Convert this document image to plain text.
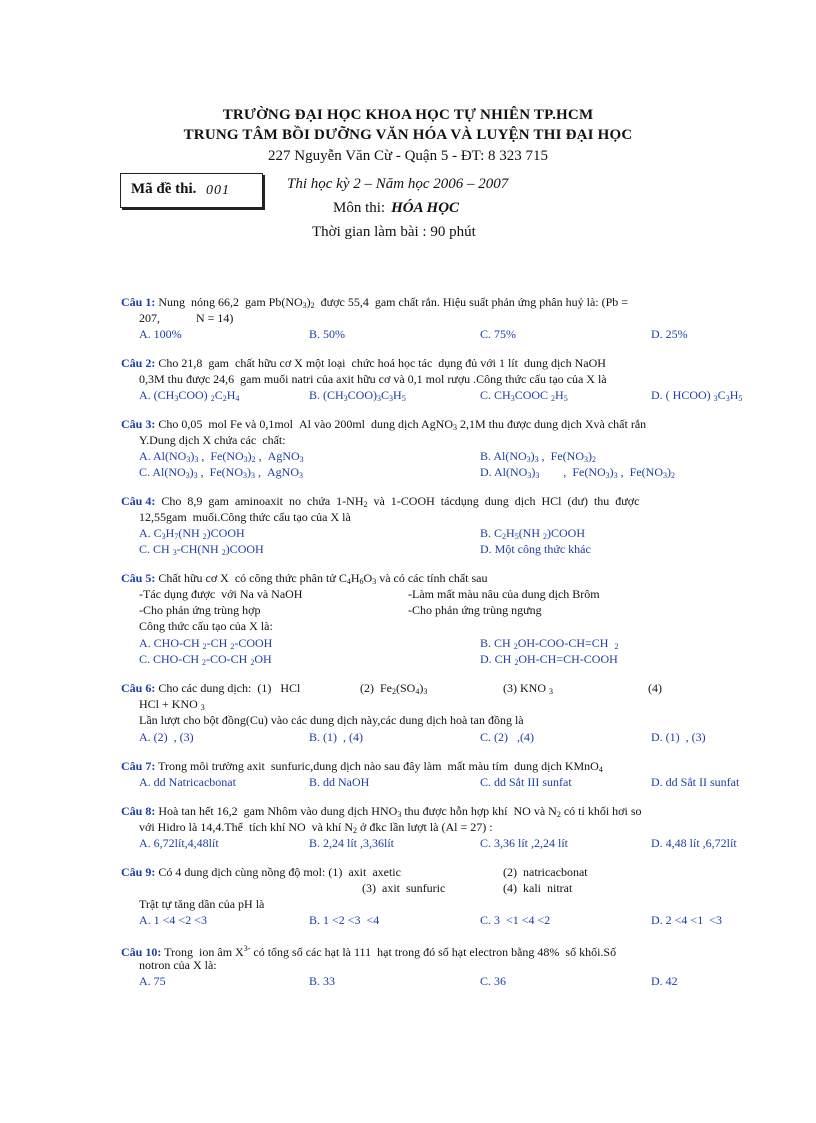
TRƯỜNG ĐẠI HỌC KHOA HỌC TỰ NHIÊN TP.HCM
TRUNG TÂM BỒI DƯỠNG VĂN HÓA VÀ LUYỆN THI ĐẠI HỌC
227 Nguyễn Văn Cừ - Quận 5 - ĐT: 8 323 715
Mã đề thi. 001	Thi học kỳ 2 – Năm học 2006 – 2007
Môn thi: HÓA HỌC
Thời gian làm bài : 90 phút
Câu 1: Nung  nóng 66,2  gam $Pb(NO_3)_2$  được 55,4  gam chất rắn. Hiệu suất phản ứng phân huỷ là: (Pb =
207,            N = 14)
A. 100%	B. 50%	C. 75%	D. 25%
Câu 2: Cho 21,8  gam  chất hữu cơ X một loại  chức hoá học tác  dụng đủ với 1 lít  dung dịch NaOH
0,3M thu được 24,6  gam muối natri của axit hữu cơ và 0,1 mol rượu .Công thức cấu tạo của X là
A. $(CH_3COO)$ $_2C_2H_4$	B. $(CH_3COO)_3C_3H_5$	C. $CH_3COOC$ $_2H_5$	D. ( HCOO) $_3C_3H_5$
Câu 3: Cho 0,05  mol Fe và 0,1mol  Al vào 200ml  dung dịch AgNO$_3$ 2,1M thu được dung dịch Xvà chất rắn
Y.Dung dịch X chứa các  chất:
A. $Al(NO_3)_3$ ,  $Fe(NO_3)_2$ ,  AgNO$_3$	B. $Al(NO_3)_3$ ,  $Fe(NO_3)_2$
C. $Al(NO_3)_3$ ,  $Fe(NO_3)_3$ ,  AgNO$_3$	D. $Al(NO_3)_3$        ,  $Fe(NO_3)_3$ ,  $Fe(NO_3)_2$
Câu 4:  Cho  8,9  gam  aminoaxit  no  chứa  $1-NH_2$  và  1-COOH  tácdụng  dung  dịch  HCl  (dư)  thu  được
12,55gam  muối.Công thức cấu tạo của X là
A. $C_3H_7(NH$ $_2$)COOH	B. $C_2H_5(NH$ $_2$)COOH
C. CH $_3$-CH(NH $_2$)COOH	D. Một công thức khác
Câu 5: Chất hữu cơ X  có công thức phân tử $C_4H_6O_3$ và có các tính chất sau
-Tác dụng được  với Na và NaOH	-Làm mất màu nâu của dung dịch Brôm
-Cho phản ứng trùng hợp	-Cho phản ứng trùng ngưng
Công thức cấu tạo của X là:
A. CHO-CH $_2$-CH $_2$-COOH	B. CH $_2$OH-COO-CH=CH  $_2$
C. CHO-CH $_2$-CO-CH $_2$OH	D. CH $_2$OH-CH=CH-COOH
Câu 6: Cho các dung dịch:  (1)   HCl	(2)  $Fe_2(SO_4)_3$	(3) KNO $_3$	(4)
HCl + KNO $_3$
Lần lượt cho bột đồng(Cu) vào các dung dịch này,các dung dịch hoà tan đồng là
A. (2)  , (3)	B. (1)  , (4)	C. (2)   ,(4)	D. (1)  , (3)
Câu 7: Trong môi trường axit  sunfuric,dung dịch nào sau đây làm  mất màu tím  dung dịch KMnO$_4$
A. dd Natricacbonat	B. dd NaOH	C. dd Sắt III sunfat	D. dd Sắt II sunfat
Câu 8: Hoà tan hết 16,2  gam Nhôm vào dung dịch $HNO_3$ thu được hỗn hợp khí  NO và $N_2$ có tỉ khối hơi so
với Hidro là 14,4.Thể  tích khí NO  và khí $N_2$ ở đkc lần lượt là (Al = 27) :
A. 6,72lít,4,48lít	B. 2,24 lít ,3,36lít	C. 3,36 lít ,2,24 lít	D. 4,48 lít ,6,72lít
Câu 9: Có 4 dung dịch cùng nồng độ mol: (1)  axit  axetic	(2)  natricacbonat
(3)  axit  sunfuric	(4)  kali  nitrat
Trật tự tăng dần của pH là
A. 1 <4 <2 <3	B. 1 <2 <3  <4	C. 3  <1 <4 <2	D. 2 <4 <1  <3
Câu 10: Trong  ion âm $X^{3-}$ có tổng số các hạt là 111  hạt trong đó số hạt electron bằng 48%  số khối.Số
notron của X là:
A. 75	B. 33	C. 36	D. 42
